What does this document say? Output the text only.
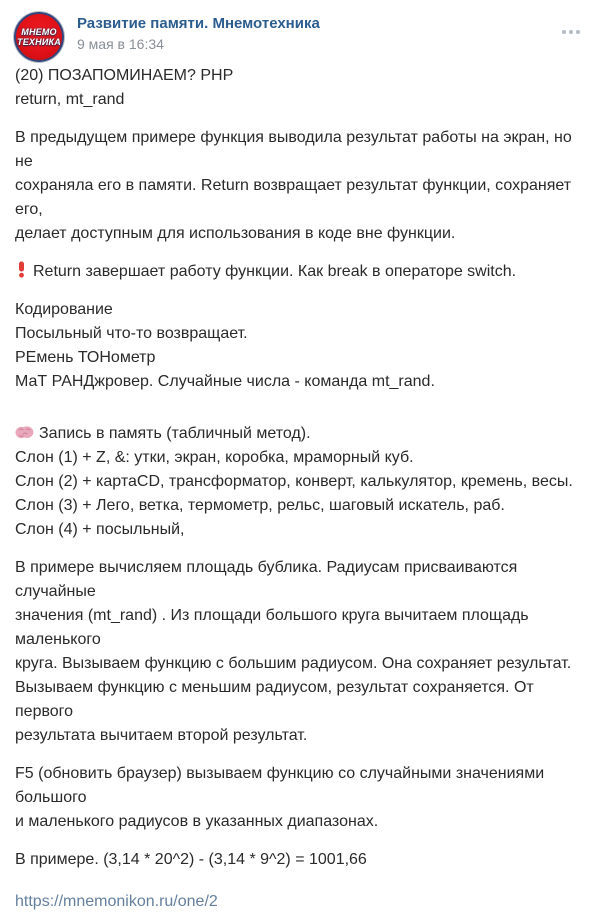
МНЕМО
ТЕХНИКА
Развитие памяти. Мнемотехника
9 мая в 16:34
(20) ПОЗАПОМИНАЕМ? PHP
return, mt_rand
В предыдущем примере функция выводила результат работы на экран, но не
сохраняла его в памяти. Return возвращает результат функции, сохраняет его,
делает доступным для использования в коде вне функции.
Return завершает работу функции. Как break в операторе switch.
Кодирование
Посыльный что-то возвращает.
РЕмень ТОНометр
МаТ РАНДжровер. Случайные числа - команда mt_rand.
Запись в память (табличный метод).
Слон (1) + Z, &: утки, экран, коробка, мраморный куб.
Слон (2) + картаCD, трансформатор, конверт, калькулятор, кремень, весы.
Слон (3) + Лего, ветка, термометр, рельс, шаговый искатель, раб.
Слон (4) + посыльный,
В примере вычисляем площадь бублика. Радиусам присваиваются случайные
значения (mt_rand) . Из площади большого круга вычитаем площадь маленького
круга. Вызываем функцию с большим радиусом. Она сохраняет результат.
Вызываем функцию с меньшим радиусом, результат сохраняется. От первого
результата вычитаем второй результат.
F5 (обновить браузер) вызываем функцию со случайными значениями большого
и маленького радиусов в указанных диапазонах.
В примере. (3,14 * 20^2) - (3,14 * 9^2) = 1001,66
https://mnemonikon.ru/one/2
